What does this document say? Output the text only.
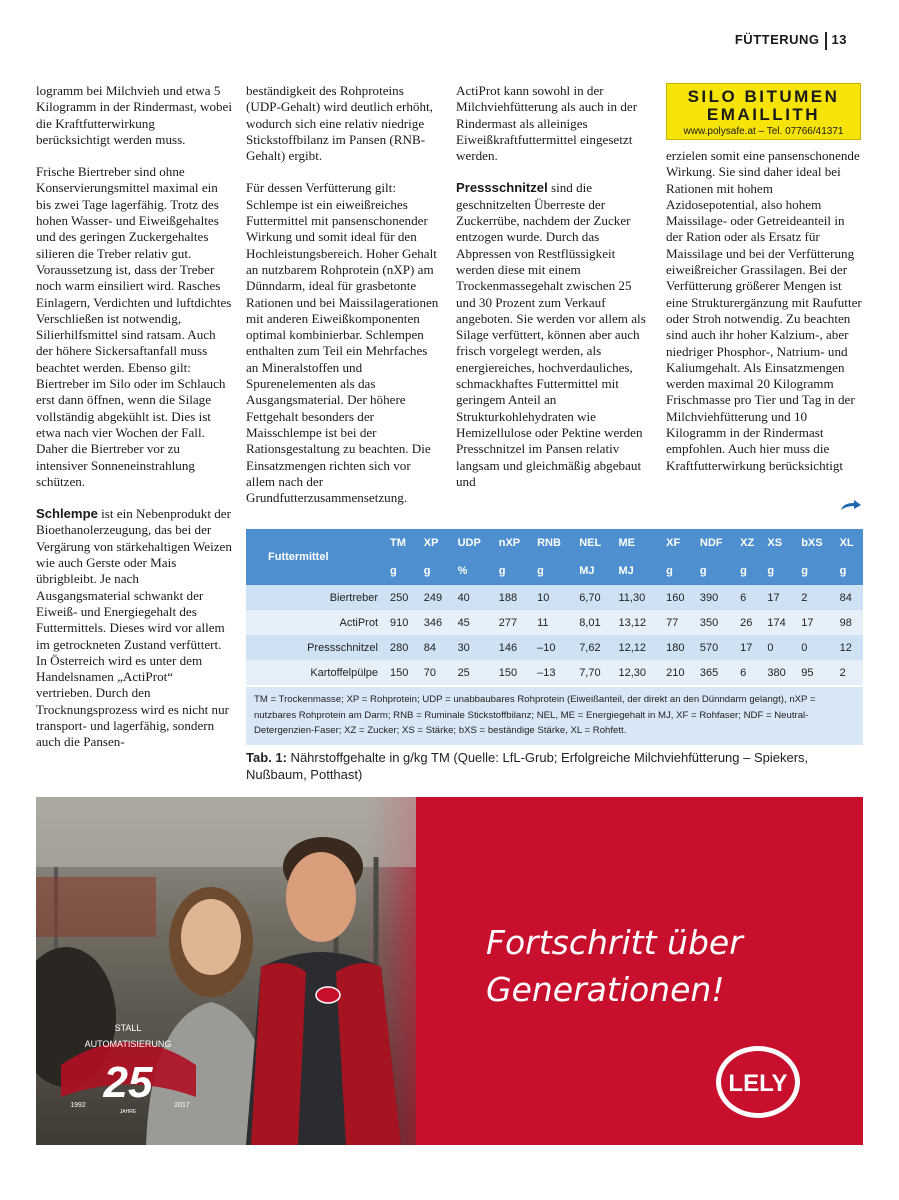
FÜTTERUNG 13

logramm bei Milchvieh und etwa 5 Kilogramm in der Rindermast, wobei die Kraftfutterwirkung berücksichtigt werden muss.

Frische Biertreber sind ohne Konservierungsmittel maximal ein bis zwei Tage lagerfähig. Trotz des hohen Wasser- und Eiweißgehaltes und des geringen Zuckergehaltes silieren die Treber relativ gut. Voraussetzung ist, dass der Treber noch warm einsiliert wird. Rasches Einlagern, Verdichten und luftdichtes Verschließen ist notwendig, Silierhilfsmittel sind ratsam. Auch der höhere Sickersaftanfall muss beachtet werden. Ebenso gilt: Biertreber im Silo oder im Schlauch erst dann öffnen, wenn die Silage vollständig abgekühlt ist. Dies ist etwa nach vier Wochen der Fall. Daher die Biertreber vor zu intensiver Sonneneinstrahlung schützen.

Schlempe ist ein Nebenprodukt der Bioethanolerzeugung, das bei der Vergärung von stärkehaltigen Weizen wie auch Gerste oder Mais übrigbleibt. Je nach Ausgangsmaterial schwankt der Eiweiß- und Energiegehalt des Futtermittels. Dieses wird vor allem im getrockneten Zustand verfüttert. In Österreich wird es unter dem Handelsnamen „ActiProt“ vertrieben. Durch den Trocknungsprozess wird es nicht nur transport- und lagerfähig, sondern auch die Pansen-

beständigkeit des Rohproteins (UDP-Gehalt) wird deutlich erhöht, wodurch sich eine relativ niedrige Stickstoffbilanz im Pansen (RNB-Gehalt) ergibt.

Für dessen Verfütterung gilt: Schlempe ist ein eiweißreiches Futtermittel mit pansenschonender Wirkung und somit ideal für den Hochleistungsbereich. Hoher Gehalt an nutzbarem Rohprotein (nXP) am Dünndarm, ideal für grasbetonte Rationen und bei Maissilagerationen mit anderen Eiweißkomponenten optimal kombinierbar. Schlempen enthalten zum Teil ein Mehrfaches an Mineralstoffen und Spurenelementen als das Ausgangsmaterial. Der höhere Fettgehalt besonders der Maisschlempe ist bei der Rationsgestaltung zu beachten. Die Einsatzmengen richten sich vor allem nach der Grundfutterzusammensetzung.

ActiProt kann sowohl in der Milchviehfütterung als auch in der Rindermast als alleiniges Eiweißkraftfuttermittel eingesetzt werden.

Pressschnitzel sind die geschnitzelten Überreste der Zuckerrübe, nachdem der Zucker entzogen wurde. Durch das Abpressen von Restflüssigkeit werden diese mit einem Trockenmassegehalt zwischen 25 und 30 Prozent zum Verkauf angeboten. Sie werden vor allem als Silage verfüttert, können aber auch frisch vorgelegt werden, als energiereiches, hochverdauliches, schmackhaftes Futtermittel mit geringem Anteil an Strukturkohlehydraten wie Hemizellulose oder Pektine werden Presschnitzel im Pansen relativ langsam und gleichmäßig abgebaut und

SILO BITUMEN
EMAILLITH
www.polysafe.at – Tel. 07766/41371

erzielen somit eine pansenschonende Wirkung. Sie sind daher ideal bei Rationen mit hohem Azidosepotential, also hohem Maissilage- oder Getreideanteil in der Ration oder als Ersatz für Maissilage und bei der Verfütterung eiweißreicher Grassilagen. Bei der Verfütterung größerer Mengen ist eine Strukturergänzung mit Raufutter oder Stroh notwendig. Zu beachten sind auch ihr hoher Kalzium-, aber niedriger Phosphor-, Natrium- und Kaliumgehalt. Als Einsatzmengen werden maximal 20 Kilogramm Frischmasse pro Tier und Tag in der Milchviehfütterung und 10 Kilogramm in der Rindermast empfohlen. Auch hier muss die Kraftfutterwirkung berücksichtigt

Futtermittel	TM	XP	UDP	nXP	RNB	NEL	ME	XF	NDF	XZ	XS	bXS	XL
	g	g	%	g	g	MJ	MJ	g	g	g	g	g	g
Biertreber	250	249	40	188	10	6,70	11,30	160	390	6	17	2	84
ActiProt	910	346	45	277	11	8,01	13,12	77	350	26	174	17	98
Pressschnitzel	280	84	30	146	–10	7,62	12,12	180	570	17	0	0	12
Kartoffelpülpe	150	70	25	150	–13	7,70	12,30	210	365	6	380	95	2
TM = Trockenmasse; XP = Rohprotein; UDP = unabbaubares Rohprotein (Eiweißanteil, der direkt an den Dünndarm gelangt), nXP = nutzbares Rohprotein am Darm; RNB = Ruminale Stickstoffbilanz; NEL, ME = Energiegehalt in MJ, XF = Rohfaser; NDF = Neutral-Detergenzien-Faser; XZ = Zucker; XS = Stärke; bXS = beständige Stärke, XL = Rohfett.
Tab. 1: Nährstoffgehalte in g/kg TM (Quelle: LfL-Grub; Erfolgreiche Milchviehfütterung – Spiekers, Nußbaum, Potthast)
STALL
AUTOMATISIERUNG
25
1992	2017
JAHRE
Fortschritt über
Generationen!
LELY
